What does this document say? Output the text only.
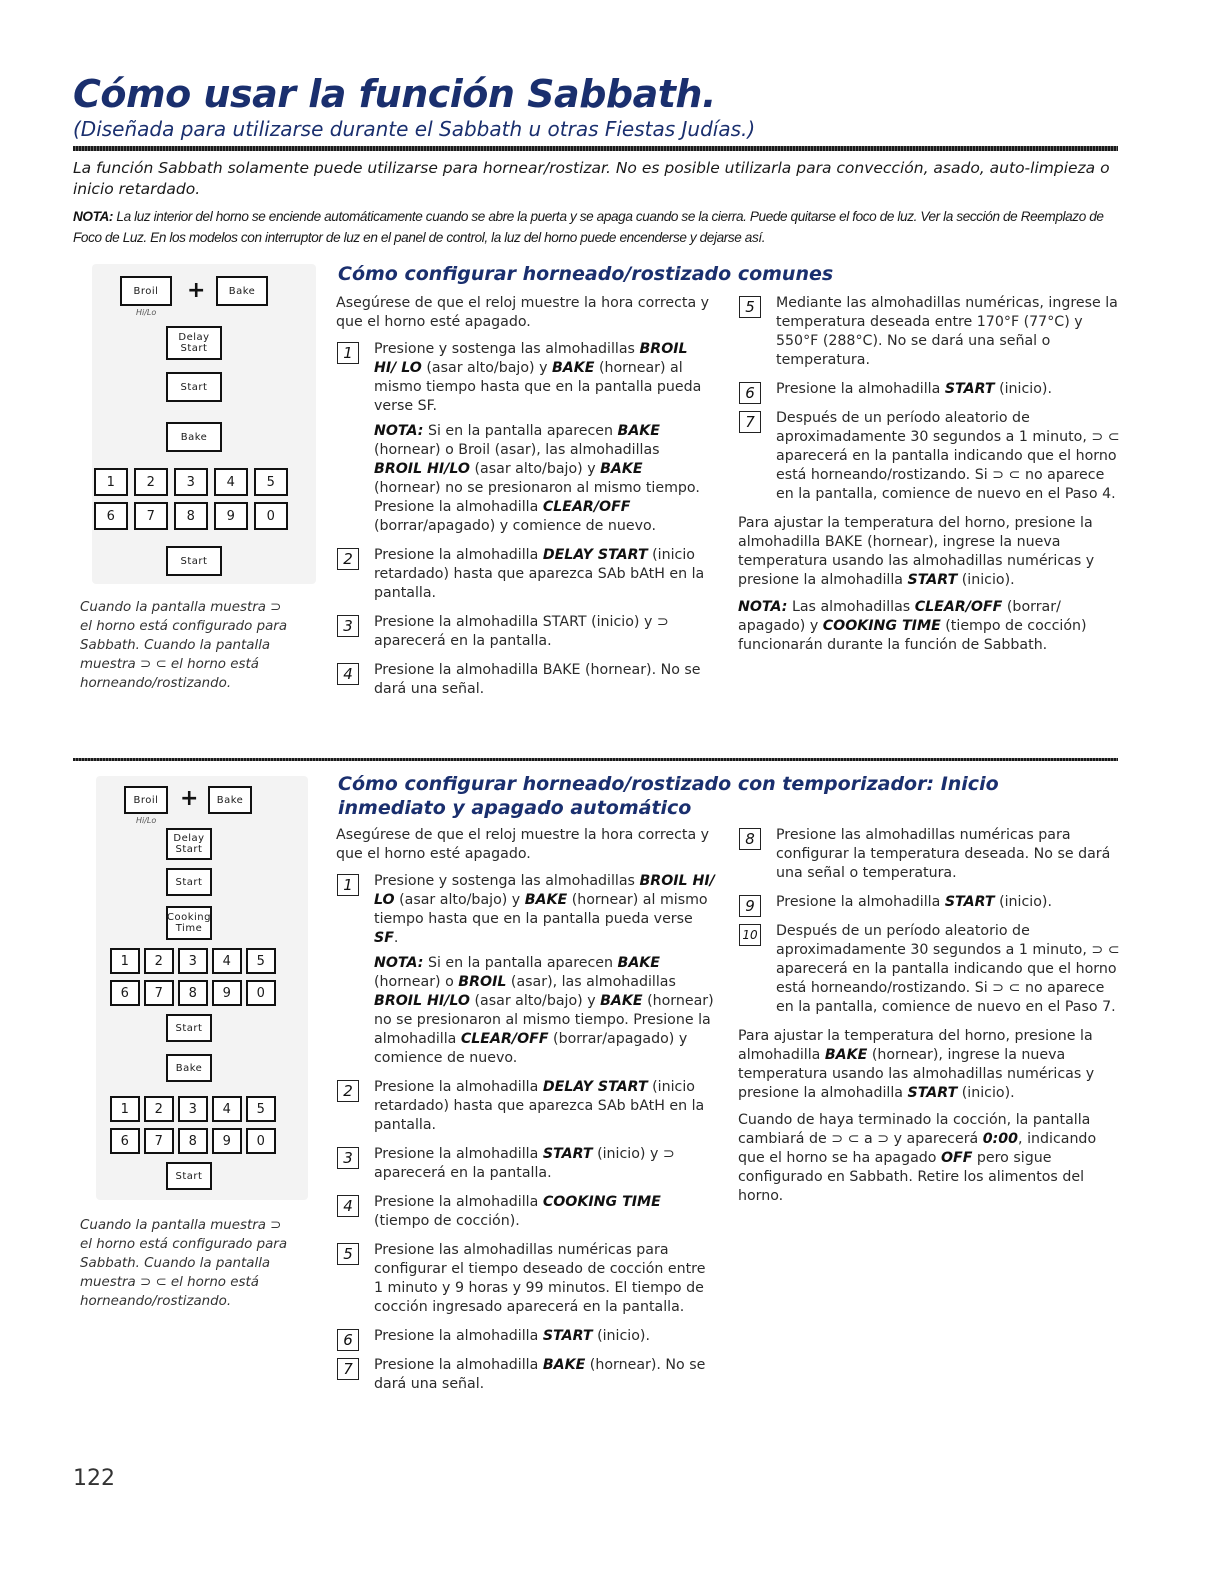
Cómo usar la función Sabbath.
(Diseñada para utilizarse durante el Sabbath u otras Fiestas Judías.)
La función Sabbath solamente puede utilizarse para hornear/rostizar. No es posible utilizarla para convección, asado, auto-limpieza o inicio retardado.
NOTA: La luz interior del horno se enciende automáticamente cuando se abre la puerta y se apaga cuando se la cierra. Puede quitarse el foco de luz. Ver la sección de Reemplazo de Foco de Luz. En los modelos con interruptor de luz en el panel de control, la luz del horno puede encenderse y dejarse así.
Broil
Hi/Lo
+ Bake
Delay
Start
Start
Bake
1	2	3	4	5
6	7	8	9	0
Start
Cuando la pantalla muestra ⊃ el horno está configurado para Sabbath. Cuando la pantalla muestra ⊃ ⊂ el horno está horneando/rostizando.
Cómo configurar horneado/rostizado comunes

Asegúrese de que el reloj muestre la hora correcta y que el horno esté apagado.

1	Presione y sostenga las almohadillas BROIL HI/ LO (asar alto/bajo) y BAKE (hornear) al mismo tiempo hasta que en la pantalla pueda verse SF.
NOTA: Si en la pantalla aparecen BAKE (hornear) o Broil (asar), las almohadillas BROIL HI/LO (asar alto/bajo) y BAKE (hornear) no se presionaron al mismo tiempo. Presione la almohadilla CLEAR/OFF (borrar/apagado) y comience de nuevo.
2	Presione la almohadilla DELAY START (inicio retardado) hasta que aparezca SAb bAtH en la pantalla.
3	Presione la almohadilla START (inicio) y ⊃ aparecerá en la pantalla.
4	Presione la almohadilla BAKE (hornear). No se dará una señal.
5	Mediante las almohadillas numéricas, ingrese la temperatura deseada entre 170°F (77°C) y 550°F (288°C). No se dará una señal o temperatura.
6	Presione la almohadilla START (inicio).
7	Después de un período aleatorio de aproximadamente 30 segundos a 1 minuto, ⊃ ⊂ aparecerá en la pantalla indicando que el horno está horneando/rostizando. Si ⊃ ⊂ no aparece en la pantalla, comience de nuevo en el Paso 4.

Para ajustar la temperatura del horno, presione la almohadilla BAKE (hornear), ingrese la nueva temperatura usando las almohadillas numéricas y presione la almohadilla START (inicio).

NOTA: Las almohadillas CLEAR/OFF (borrar/ apagado) y COOKING TIME (tiempo de cocción) funcionarán durante la función de Sabbath.

Broil
Hi/Lo
+ Bake
Delay
Start
Start
Cooking
Time
1	2	3	4	5
6	7	8	9	0
Start
Bake
1	2	3	4	5
6	7	8	9	0
Start
Cuando la pantalla muestra ⊃ el horno está configurado para Sabbath. Cuando la pantalla muestra ⊃ ⊂ el horno está horneando/rostizando.
Cómo configurar horneado/rostizado con temporizador: Inicio inmediato y apagado automático

Asegúrese de que el reloj muestre la hora correcta y que el horno esté apagado.

1	Presione y sostenga las almohadillas BROIL HI/ LO (asar alto/bajo) y BAKE (hornear) al mismo tiempo hasta que en la pantalla pueda verse SF.
NOTA: Si en la pantalla aparecen BAKE (hornear) o BROIL (asar), las almohadillas BROIL HI/LO (asar alto/bajo) y BAKE (hornear) no se presionaron al mismo tiempo. Presione la almohadilla CLEAR/OFF (borrar/apagado) y comience de nuevo.
2	Presione la almohadilla DELAY START (inicio retardado) hasta que aparezca SAb bAtH en la pantalla.
3	Presione la almohadilla START (inicio) y ⊃ aparecerá en la pantalla.
4	Presione la almohadilla COOKING TIME (tiempo de cocción).
5	Presione las almohadillas numéricas para configurar el tiempo deseado de cocción entre 1 minuto y 9 horas y 99 minutos. El tiempo de cocción ingresado aparecerá en la pantalla.
6	Presione la almohadilla START (inicio).
7	Presione la almohadilla BAKE (hornear). No se dará una señal.
8	Presione las almohadillas numéricas para configurar la temperatura deseada. No se dará una señal o temperatura.
9	Presione la almohadilla START (inicio).
10 Después de un período aleatorio de aproximadamente 30 segundos a 1 minuto, ⊃ ⊂ aparecerá en la pantalla indicando que el horno está horneando/rostizando. Si ⊃ ⊂ no aparece en la pantalla, comience de nuevo en el Paso 7.

Para ajustar la temperatura del horno, presione la almohadilla BAKE (hornear), ingrese la nueva temperatura usando las almohadillas numéricas y presione la almohadilla START (inicio).

Cuando de haya terminado la cocción, la pantalla cambiará de ⊃ ⊂ a ⊃ y aparecerá 0:00, indicando que el horno se ha apagado OFF pero sigue configurado en Sabbath. Retire los alimentos del horno.

122
